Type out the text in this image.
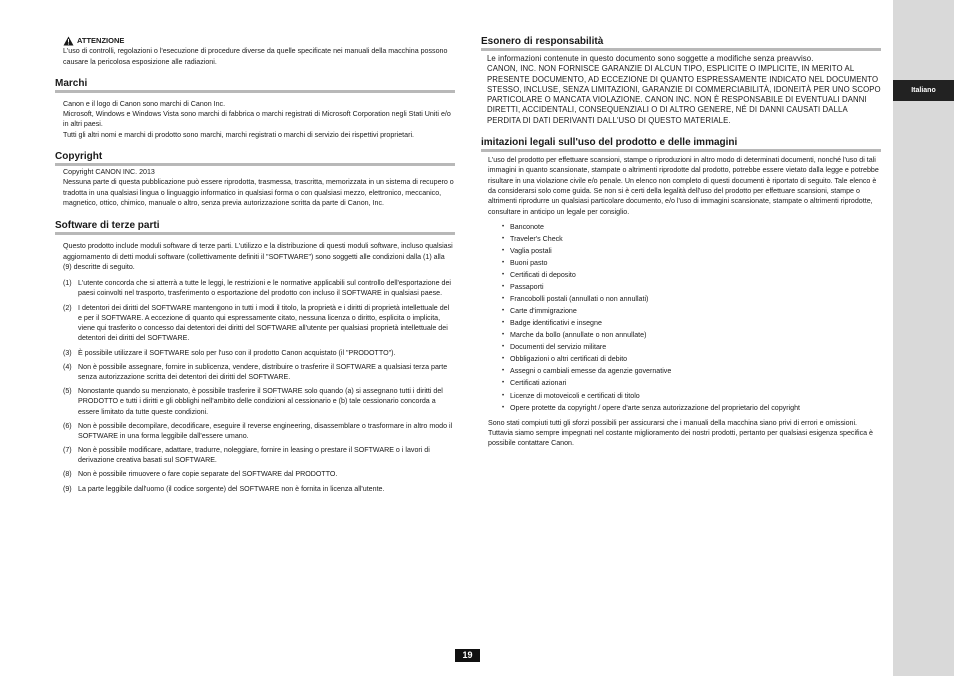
Italiano
ATTENZIONE

L'uso di controlli, regolazioni o l'esecuzione di procedure diverse da quelle specificate nei manuali della macchina possono causare la pericolosa esposizione alle radiazioni.

Marchi

Canon e il logo di Canon sono marchi di Canon Inc.

Microsoft, Windows e Windows Vista sono marchi di fabbrica o marchi registrati di Microsoft Corporation negli Stati Uniti e/o in altri paesi.

Tutti gli altri nomi e marchi di prodotto sono marchi, marchi registrati o marchi di servizio dei rispettivi proprietari.

Copyright

Copyright CANON INC. 2013

Nessuna parte di questa pubblicazione può essere riprodotta, trasmessa, trascritta, memorizzata in un sistema di recupero o tradotta in una qualsiasi lingua o linguaggio informatico in qualsiasi forma o con qualsiasi mezzo, elettronico, meccanico, magnetico, ottico, chimico, manuale o altro, senza previa autorizzazione scritta da parte di Canon, Inc.

Software di terze parti

Questo prodotto include moduli software di terze parti. L'utilizzo e la distribuzione di questi moduli software, incluso qualsiasi aggiornamento di detti moduli software (collettivamente definiti il "SOFTWARE") sono soggetti alle condizioni dalla (1) alla (9) descritte di seguito.

(1) L'utente concorda che si atterrà a tutte le leggi, le restrizioni e le normative applicabili sul controllo dell'esportazione dei paesi coinvolti nel trasporto, trasferimento o esportazione del prodotto con incluso il SOFTWARE in qualsiasi paese.
(2) I detentori dei diritti del SOFTWARE mantengono in tutti i modi il titolo, la proprietà e i diritti di proprietà intellettuale del e per il SOFTWARE. A eccezione di quanto qui espressamente citato, nessuna licenza o diritto, esplicita o implicita, viene qui trasferito o concesso dai detentori dei diritti del SOFTWARE all'utente per qualsiasi proprietà intellettuale dei detentori dei diritti del SOFTWARE.
(3) È possibile utilizzare il SOFTWARE solo per l'uso con il prodotto Canon acquistato (il "PRODOTTO").
(4) Non è possibile assegnare, fornire in sublicenza, vendere, distribuire o trasferire il SOFTWARE a qualsiasi terza parte senza autorizzazione scritta dei detentori dei diritti del SOFTWARE.
(5) Nonostante quando su menzionato, è possibile trasferire il SOFTWARE solo quando (a) si assegnano tutti i diritti del PRODOTTO e tutti i diritti e gli obblighi nell'ambito delle condizioni al cessionario e (b) tale cessionario concorda a essere limitato da tutte queste condizioni.
(6) Non è possibile decompilare, decodificare, eseguire il reverse engineering, disassemblare o trasformare in altro modo il SOFTWARE in una forma leggibile dall'essere umano.
(7) Non è possibile modificare, adattare, tradurre, noleggiare, fornire in leasing o prestare il SOFTWARE o i lavori di derivazione creativa basati sul SOFTWARE.
(8) Non è possibile rimuovere o fare copie separate del SOFTWARE dal PRODOTTO.
(9) La parte leggibile dall'uomo (il codice sorgente) del SOFTWARE non è fornita in licenza all'utente.
Esonero di responsabilità

Le informazioni contenute in questo documento sono soggette a modifiche senza preavviso.

CANON, INC. NON FORNISCE GARANZIE DI ALCUN TIPO, ESPLICITE O IMPLICITE, IN MERITO AL PRESENTE DOCUMENTO, AD ECCEZIONE DI QUANTO ESPRESSAMENTE INDICATO NEL DOCUMENTO STESSO, INCLUSE, SENZA LIMITAZIONI, GARANZIE DI COMMERCIABILITÀ, IDONEITÀ PER UNO SCOPO PARTICOLARE O MANCATA VIOLAZIONE. CANON INC. NON È RESPONSABILE DI EVENTUALI DANNI DIRETTI, ACCIDENTALI, CONSEQUENZIALI O DI ALTRO GENERE, NÉ DI DANNI CAUSATI DALLA PERDITA DI DATI DERIVANTI DALL'USO DI QUESTO MATERIALE.

imitazioni legali sull'uso del prodotto e delle immagini

L'uso del prodotto per effettuare scansioni, stampe o riproduzioni in altro modo di determinati documenti, nonché l'uso di tali immagini in quanto scansionate, stampate o altrimenti riprodotte dal prodotto, potrebbe essere vietato dalla legge e potrebbe risultare in una violazione civile e/o penale. Un elenco non completo di questi documenti è riportato di seguito. Tale elenco è da considerarsi solo come guida. Se non si è certi della legalità dell'uso del prodotto per effettuare scansioni, stampe o altrimenti riprodurre un qualsiasi particolare documento, e/o l'uso di immagini scansionate, stampate o altrimenti riprodotte, consultare in anticipo un legale per consiglio.

• Banconote
• Traveler's Check
• Vaglia postali
• Buoni pasto
• Certificati di deposito
• Passaporti
• Francobolli postali (annullati o non annullati)
• Carte d'immigrazione
• Badge identificativi e insegne
• Marche da bollo (annullate o non annullate)
• Documenti del servizio militare
• Obbligazioni o altri certificati di debito
• Assegni o cambiali emesse da agenzie governative
• Certificati azionari
• Licenze di motoveicoli e certificati di titolo
• Opere protette da copyright / opere d'arte senza autorizzazione del proprietario del copyright

Sono stati compiuti tutti gli sforzi possibili per assicurarsi che i manuali della macchina siano privi di errori e omissioni. Tuttavia siamo sempre impegnati nel costante miglioramento dei nostri prodotti, pertanto per qualsiasi esigenza specifica è possibile contattare Canon.

19
